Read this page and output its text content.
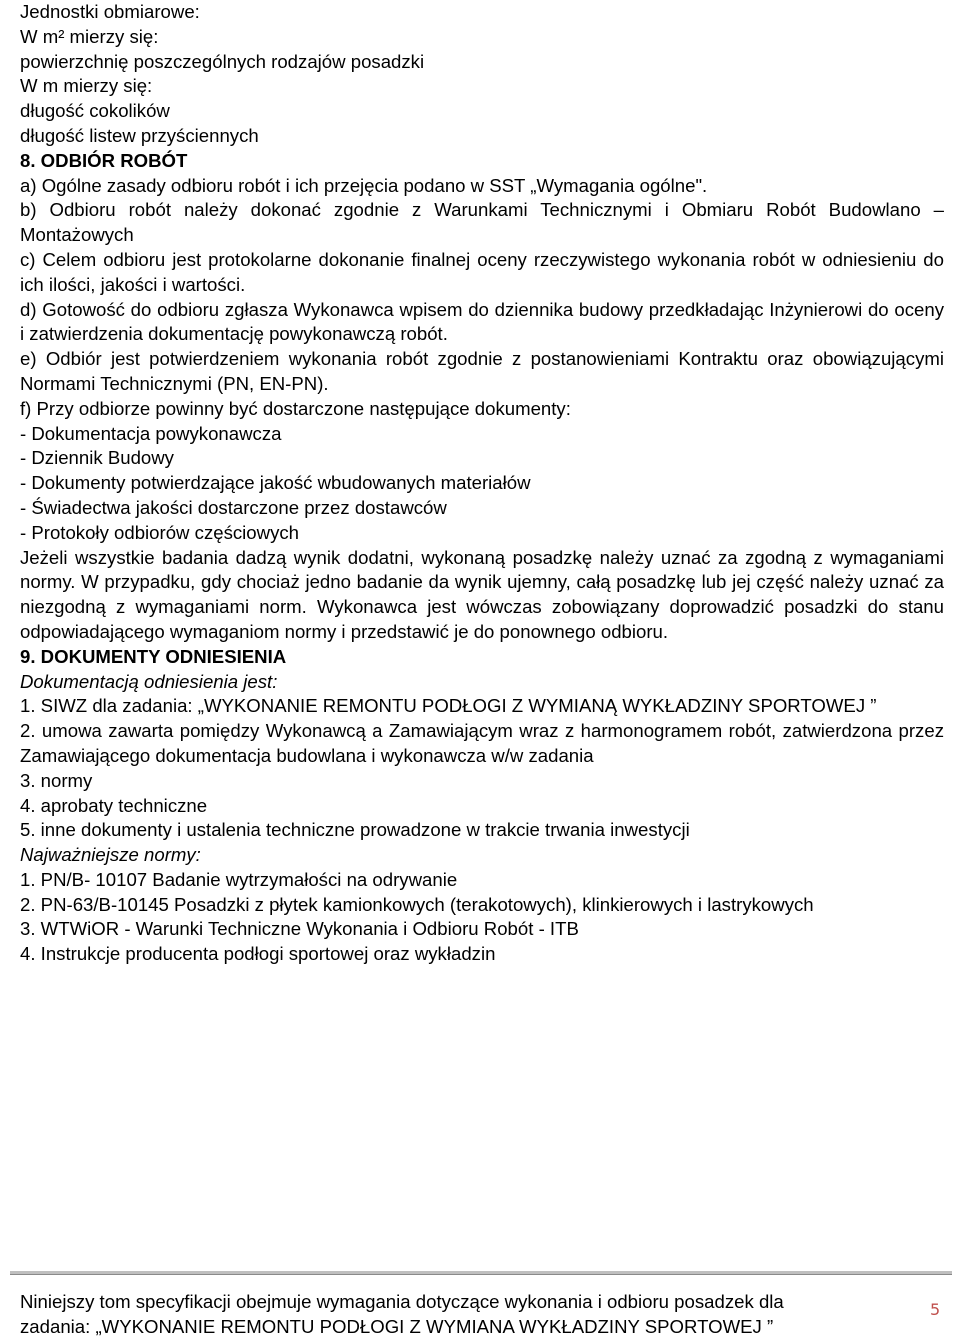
Jednostki obmiarowe:
W m² mierzy się:
powierzchnię poszczególnych rodzajów posadzki
W m mierzy się:
długość cokolików
długość listew przyściennych
8. ODBIÓR ROBÓT
a) Ogólne zasady odbioru robót i ich przejęcia podano w SST „Wymagania ogólne".
b) Odbioru robót należy dokonać zgodnie z Warunkami Technicznymi i Obmiaru Robót Budowlano – Montażowych
c) Celem odbioru jest protokolarne dokonanie finalnej oceny rzeczywistego wykonania robót w odniesieniu do ich ilości, jakości i wartości.
d) Gotowość do odbioru zgłasza Wykonawca wpisem do dziennika budowy przedkładając Inżynierowi do oceny i zatwierdzenia dokumentację powykonawczą robót.
e) Odbiór jest potwierdzeniem wykonania robót zgodnie z postanowieniami Kontraktu oraz obowiązującymi Normami Technicznymi (PN, EN-PN).
f) Przy odbiorze powinny być dostarczone następujące dokumenty:
- Dokumentacja powykonawcza
- Dziennik Budowy
- Dokumenty potwierdzające jakość wbudowanych materiałów
- Świadectwa jakości dostarczone przez dostawców
- Protokoły odbiorów częściowych
Jeżeli wszystkie badania dadzą wynik dodatni, wykonaną posadzkę należy uznać za zgodną z wymaganiami normy. W przypadku, gdy chociaż jedno badanie da wynik ujemny, całą posadzkę lub jej część należy uznać za niezgodną z wymaganiami norm. Wykonawca jest wówczas zobowiązany doprowadzić posadzki do stanu odpowiadającego wymaganiom normy i przedstawić je do ponownego odbioru.
9. DOKUMENTY ODNIESIENIA
Dokumentacją odniesienia jest:
1. SIWZ dla zadania: „WYKONANIE REMONTU PODŁOGI Z WYMIANĄ WYKŁADZINY SPORTOWEJ ”
2. umowa zawarta pomiędzy Wykonawcą a Zamawiającym wraz z harmonogramem robót, zatwierdzona przez Zamawiającego dokumentacja budowlana i wykonawcza w/w zadania
3. normy
4. aprobaty techniczne
5. inne dokumenty i ustalenia techniczne prowadzone w trakcie trwania inwestycji
Najważniejsze normy:
1. PN/B- 10107 Badanie wytrzymałości na odrywanie
2. PN-63/B-10145 Posadzki z płytek kamionkowych (terakotowych), klinkierowych i lastrykowych
3. WTWiOR - Warunki Techniczne Wykonania i Odbioru Robót - ITB
4. Instrukcje producenta podłogi sportowej oraz wykładzin
Niniejszy tom specyfikacji obejmuje wymagania dotyczące wykonania i odbioru posadzek dla
zadania: „WYKONANIE REMONTU PODŁOGI Z WYMIANA WYKŁADZINY SPORTOWEJ ”
5
